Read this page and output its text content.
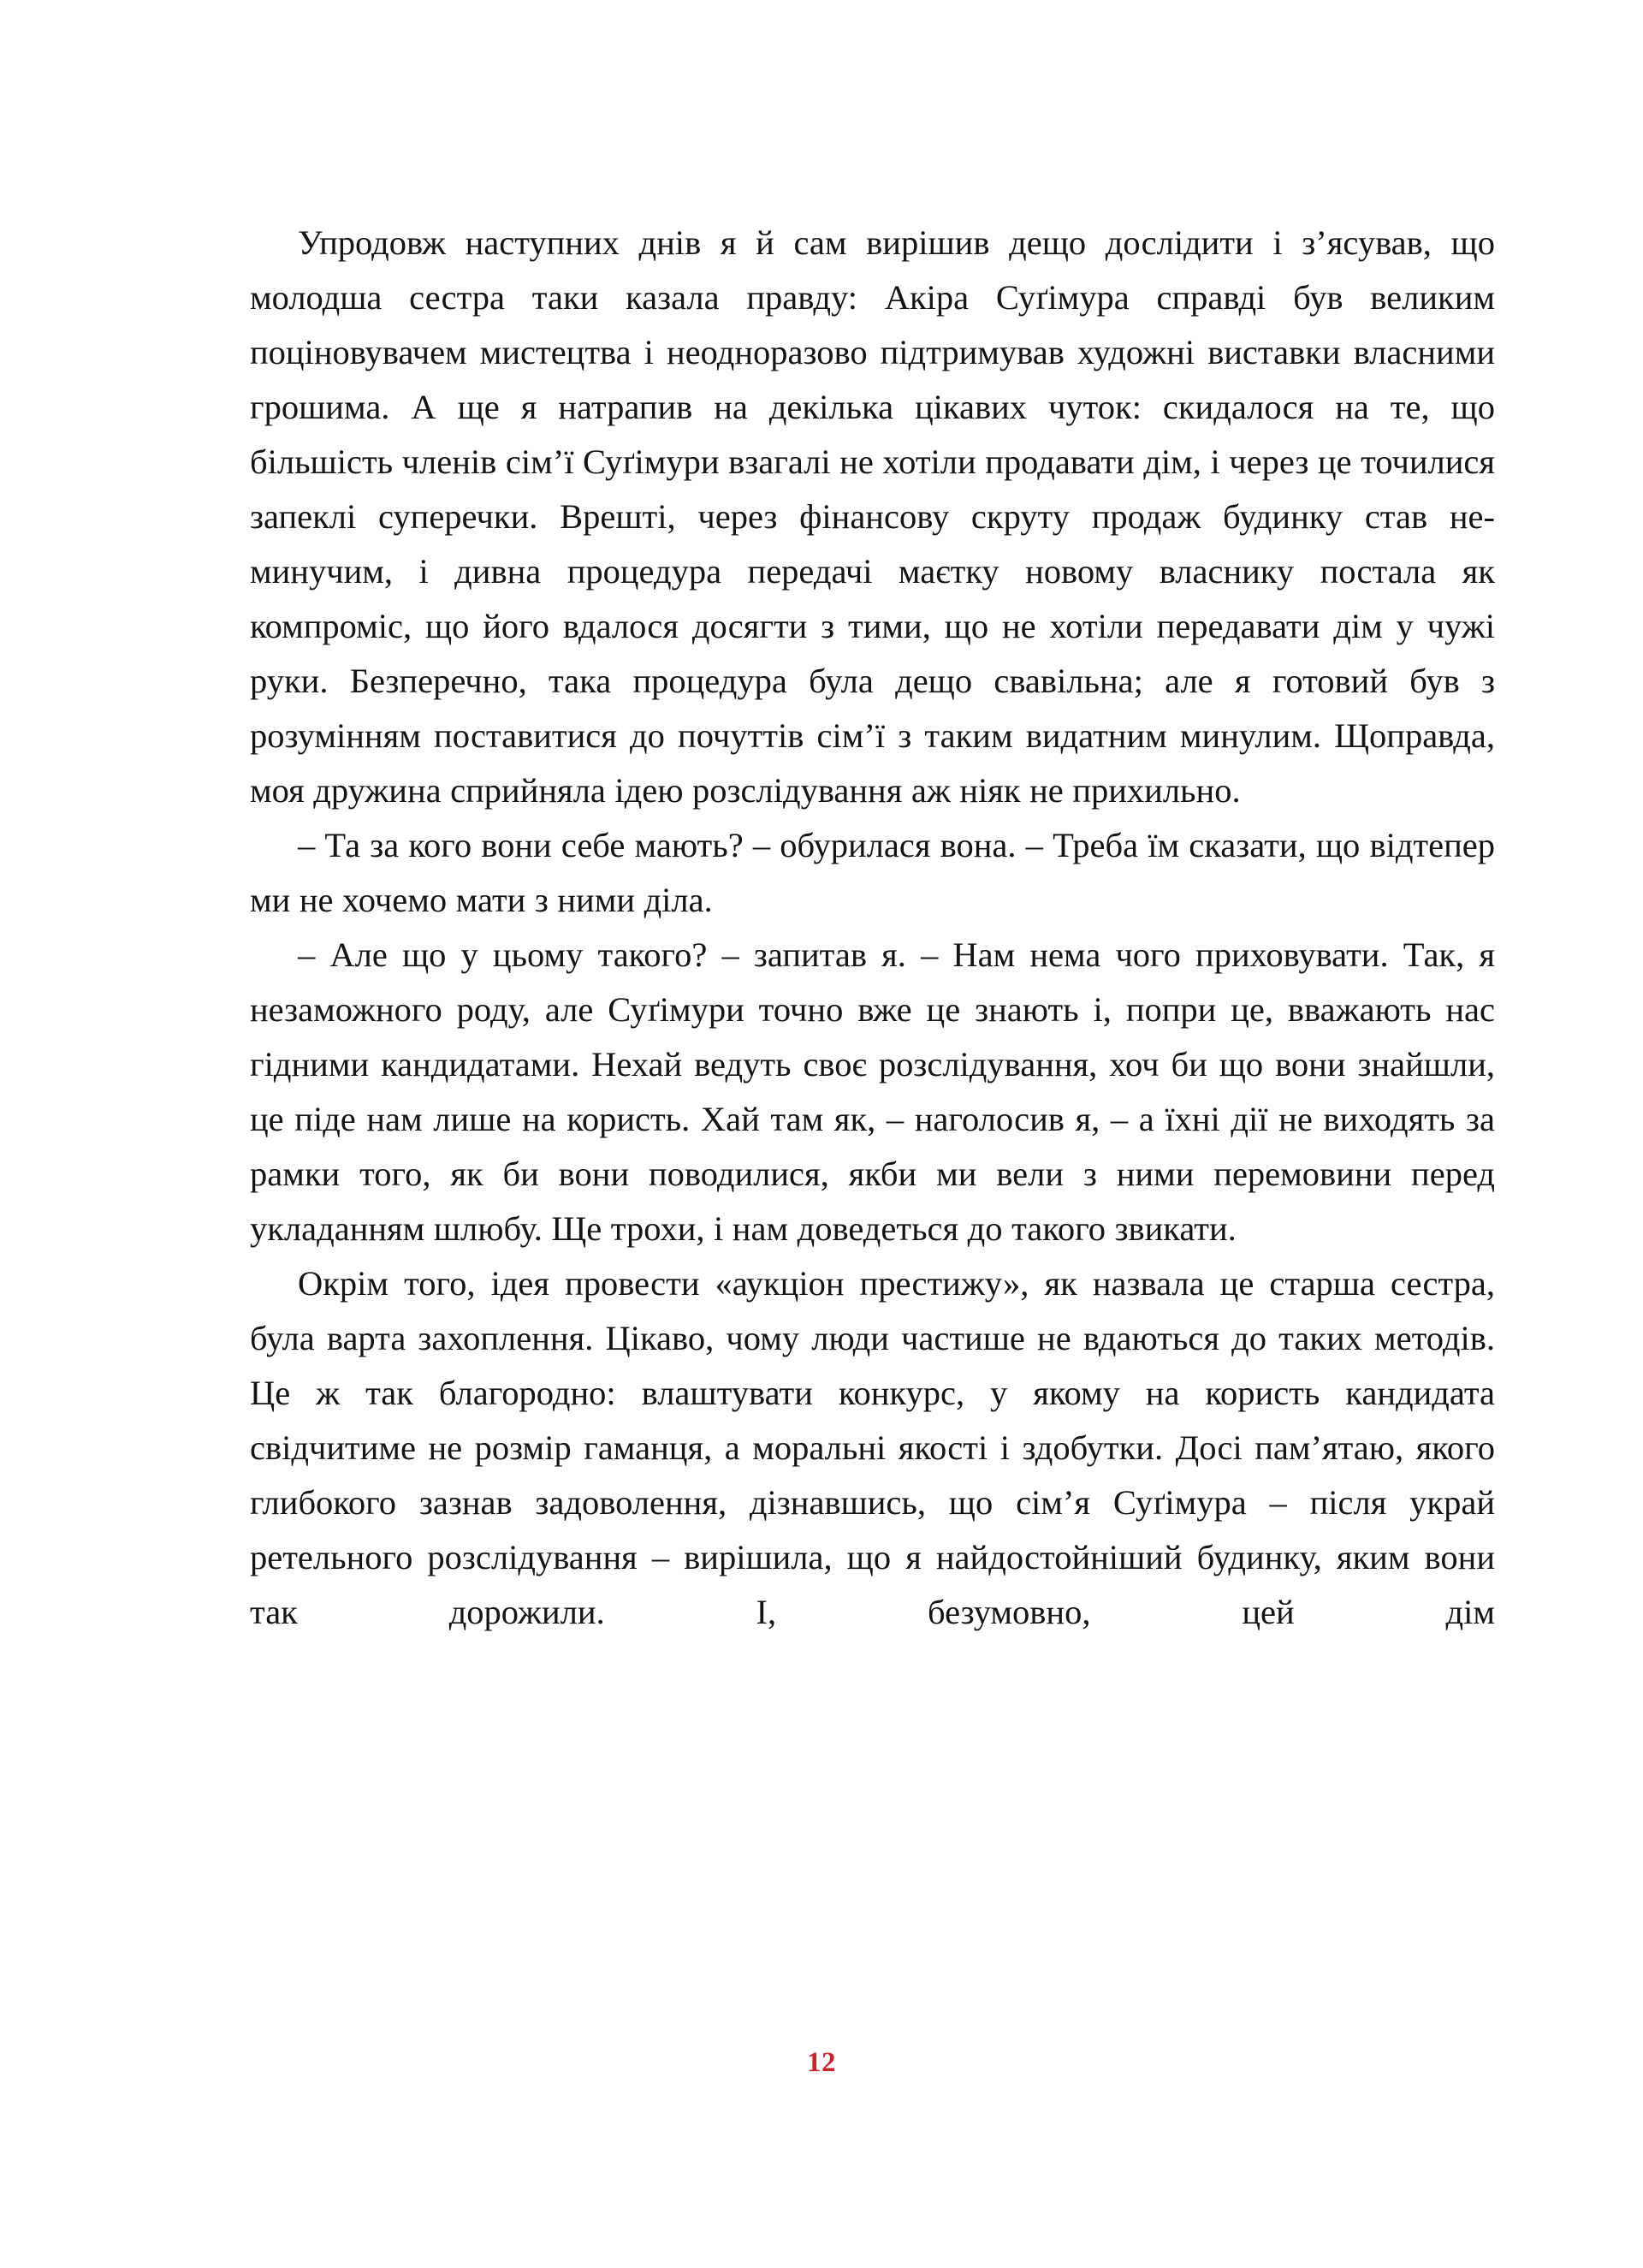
Упродовж наступних днів я й сам вирішив дещо дослідити і з’ясував, що молодша сестра таки казала правду: Акіра Суґімура справді був великим поціновувачем мистецтва і неодноразово підтримував художні виставки власними грошима. А ще я натрапив на декілька цікавих чуток: скидалося на те, що більшість членів сім’ї Суґімури взагалі не хотіли продавати дім, і через це точилися запеклі суперечки. Врешті, через фінансову скруту продаж будинку став неминучим, і дивна процедура передачі маєтку новому власнику постала як компроміс, що його вдалося досягти з тими, що не хотіли передавати дім у чужі руки. Безперечно, така процедура була дещо свавільна; але я готовий був з розумінням поставитися до почуттів сім’ї з таким видатним минулим. Щоправда, моя дружина сприйняла ідею розслідування аж ніяк не прихильно.

– Та за кого вони себе мають? – обурилася вона. – Треба їм сказати, що відтепер ми не хочемо мати з ними діла.

– Але що у цьому такого? – запитав я. – Нам нема чого приховувати. Так, я незаможного роду, але Суґімури точно вже це знають і, попри це, вважають нас гідними кандидатами. Нехай ведуть своє розслідування, хоч би що вони знайшли, це піде нам лише на користь. Хай там як, – наголосив я, – а їхні дії не виходять за рамки того, як би вони поводилися, якби ми вели з ними перемовини перед укладанням шлюбу. Ще трохи, і нам доведеться до такого звикати.

Окрім того, ідея провести «аукціон престижу», як назвала це старша сестра, була варта захоплення. Цікаво, чому люди частише не вдаються до таких методів. Це ж так благородно: влаштувати конкурс, у якому на користь кандидата свідчитиме не розмір гаманця, а моральні якості і здобутки. Досі пам’ятаю, якого глибокого зазнав задоволення, дізнавшись, що сім’я Суґімура – після украй ретельного розслідування – вирішила, що я найдостойніший будинку, яким вони так дорожили. І, безумовно, цей дім

12
